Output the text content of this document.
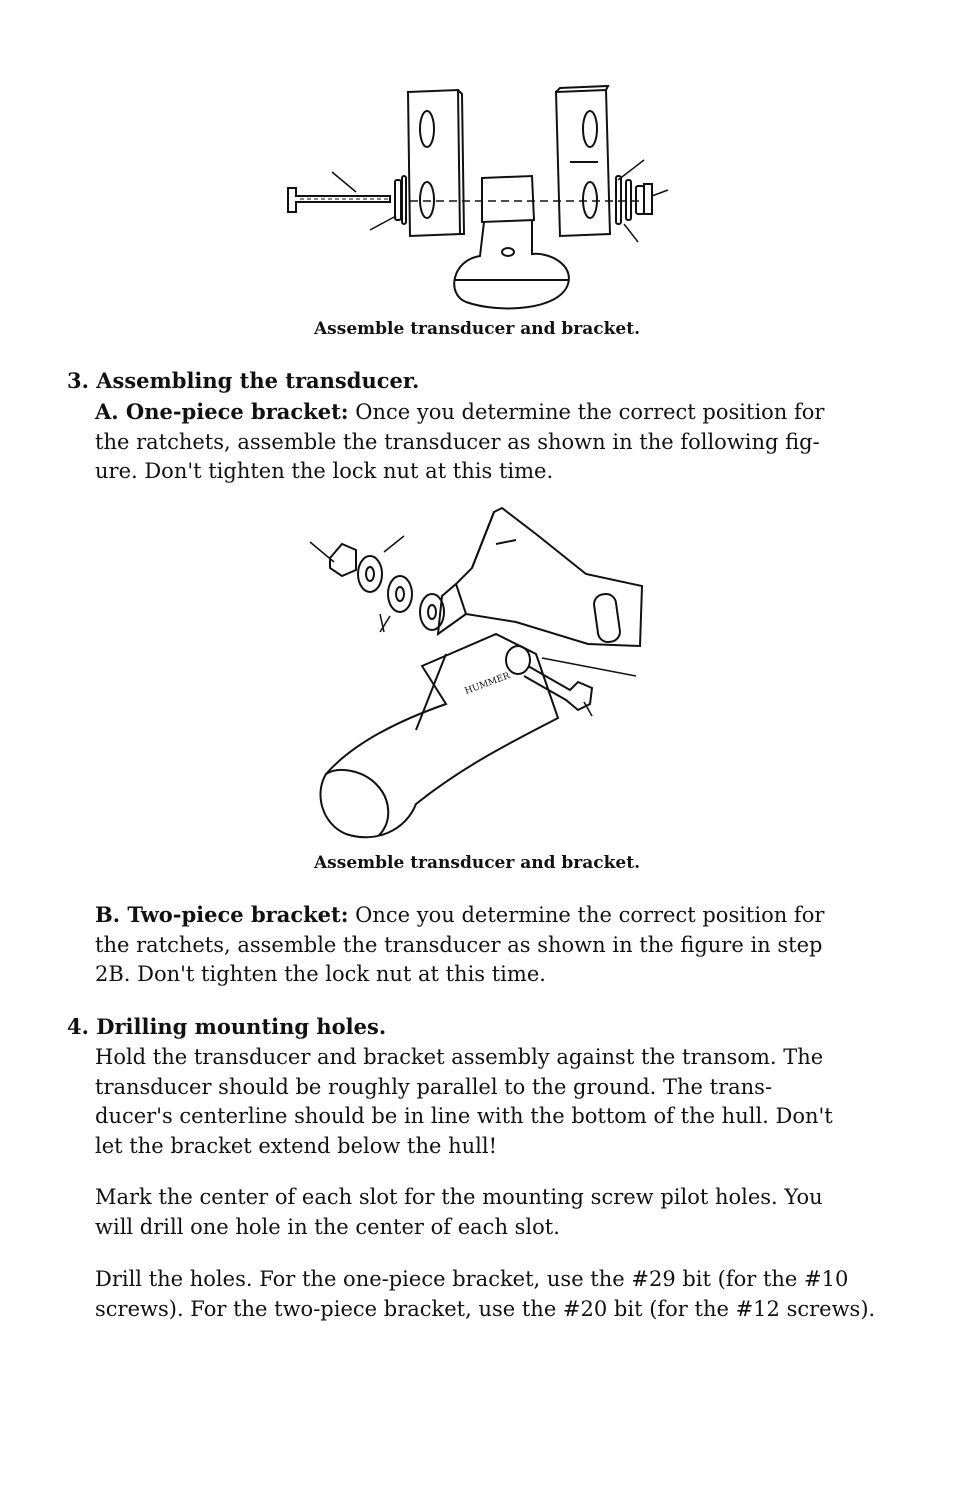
Assemble transducer and bracket.
3. Assembling the transducer.
A. One-piece bracket: Once you determine the correct position for
the ratchets, assemble the transducer as shown in the following fig-
ure. Don't tighten the lock nut at this time.
HUMMER
Assemble transducer and bracket.
B. Two-piece bracket: Once you determine the correct position for
the ratchets, assemble the transducer as shown in the figure in step
2B. Don't tighten the lock nut at this time.
4. Drilling mounting holes.
Hold the transducer and bracket assembly against the transom. The
transducer should be roughly parallel to the ground. The trans-
ducer's centerline should be in line with the bottom of the hull. Don't
let the bracket extend below the hull!
Mark the center of each slot for the mounting screw pilot holes. You
will drill one hole in the center of each slot.
Drill the holes. For the one-piece bracket, use the #29 bit (for the #10
screws). For the two-piece bracket, use the #20 bit (for the #12 screws).
